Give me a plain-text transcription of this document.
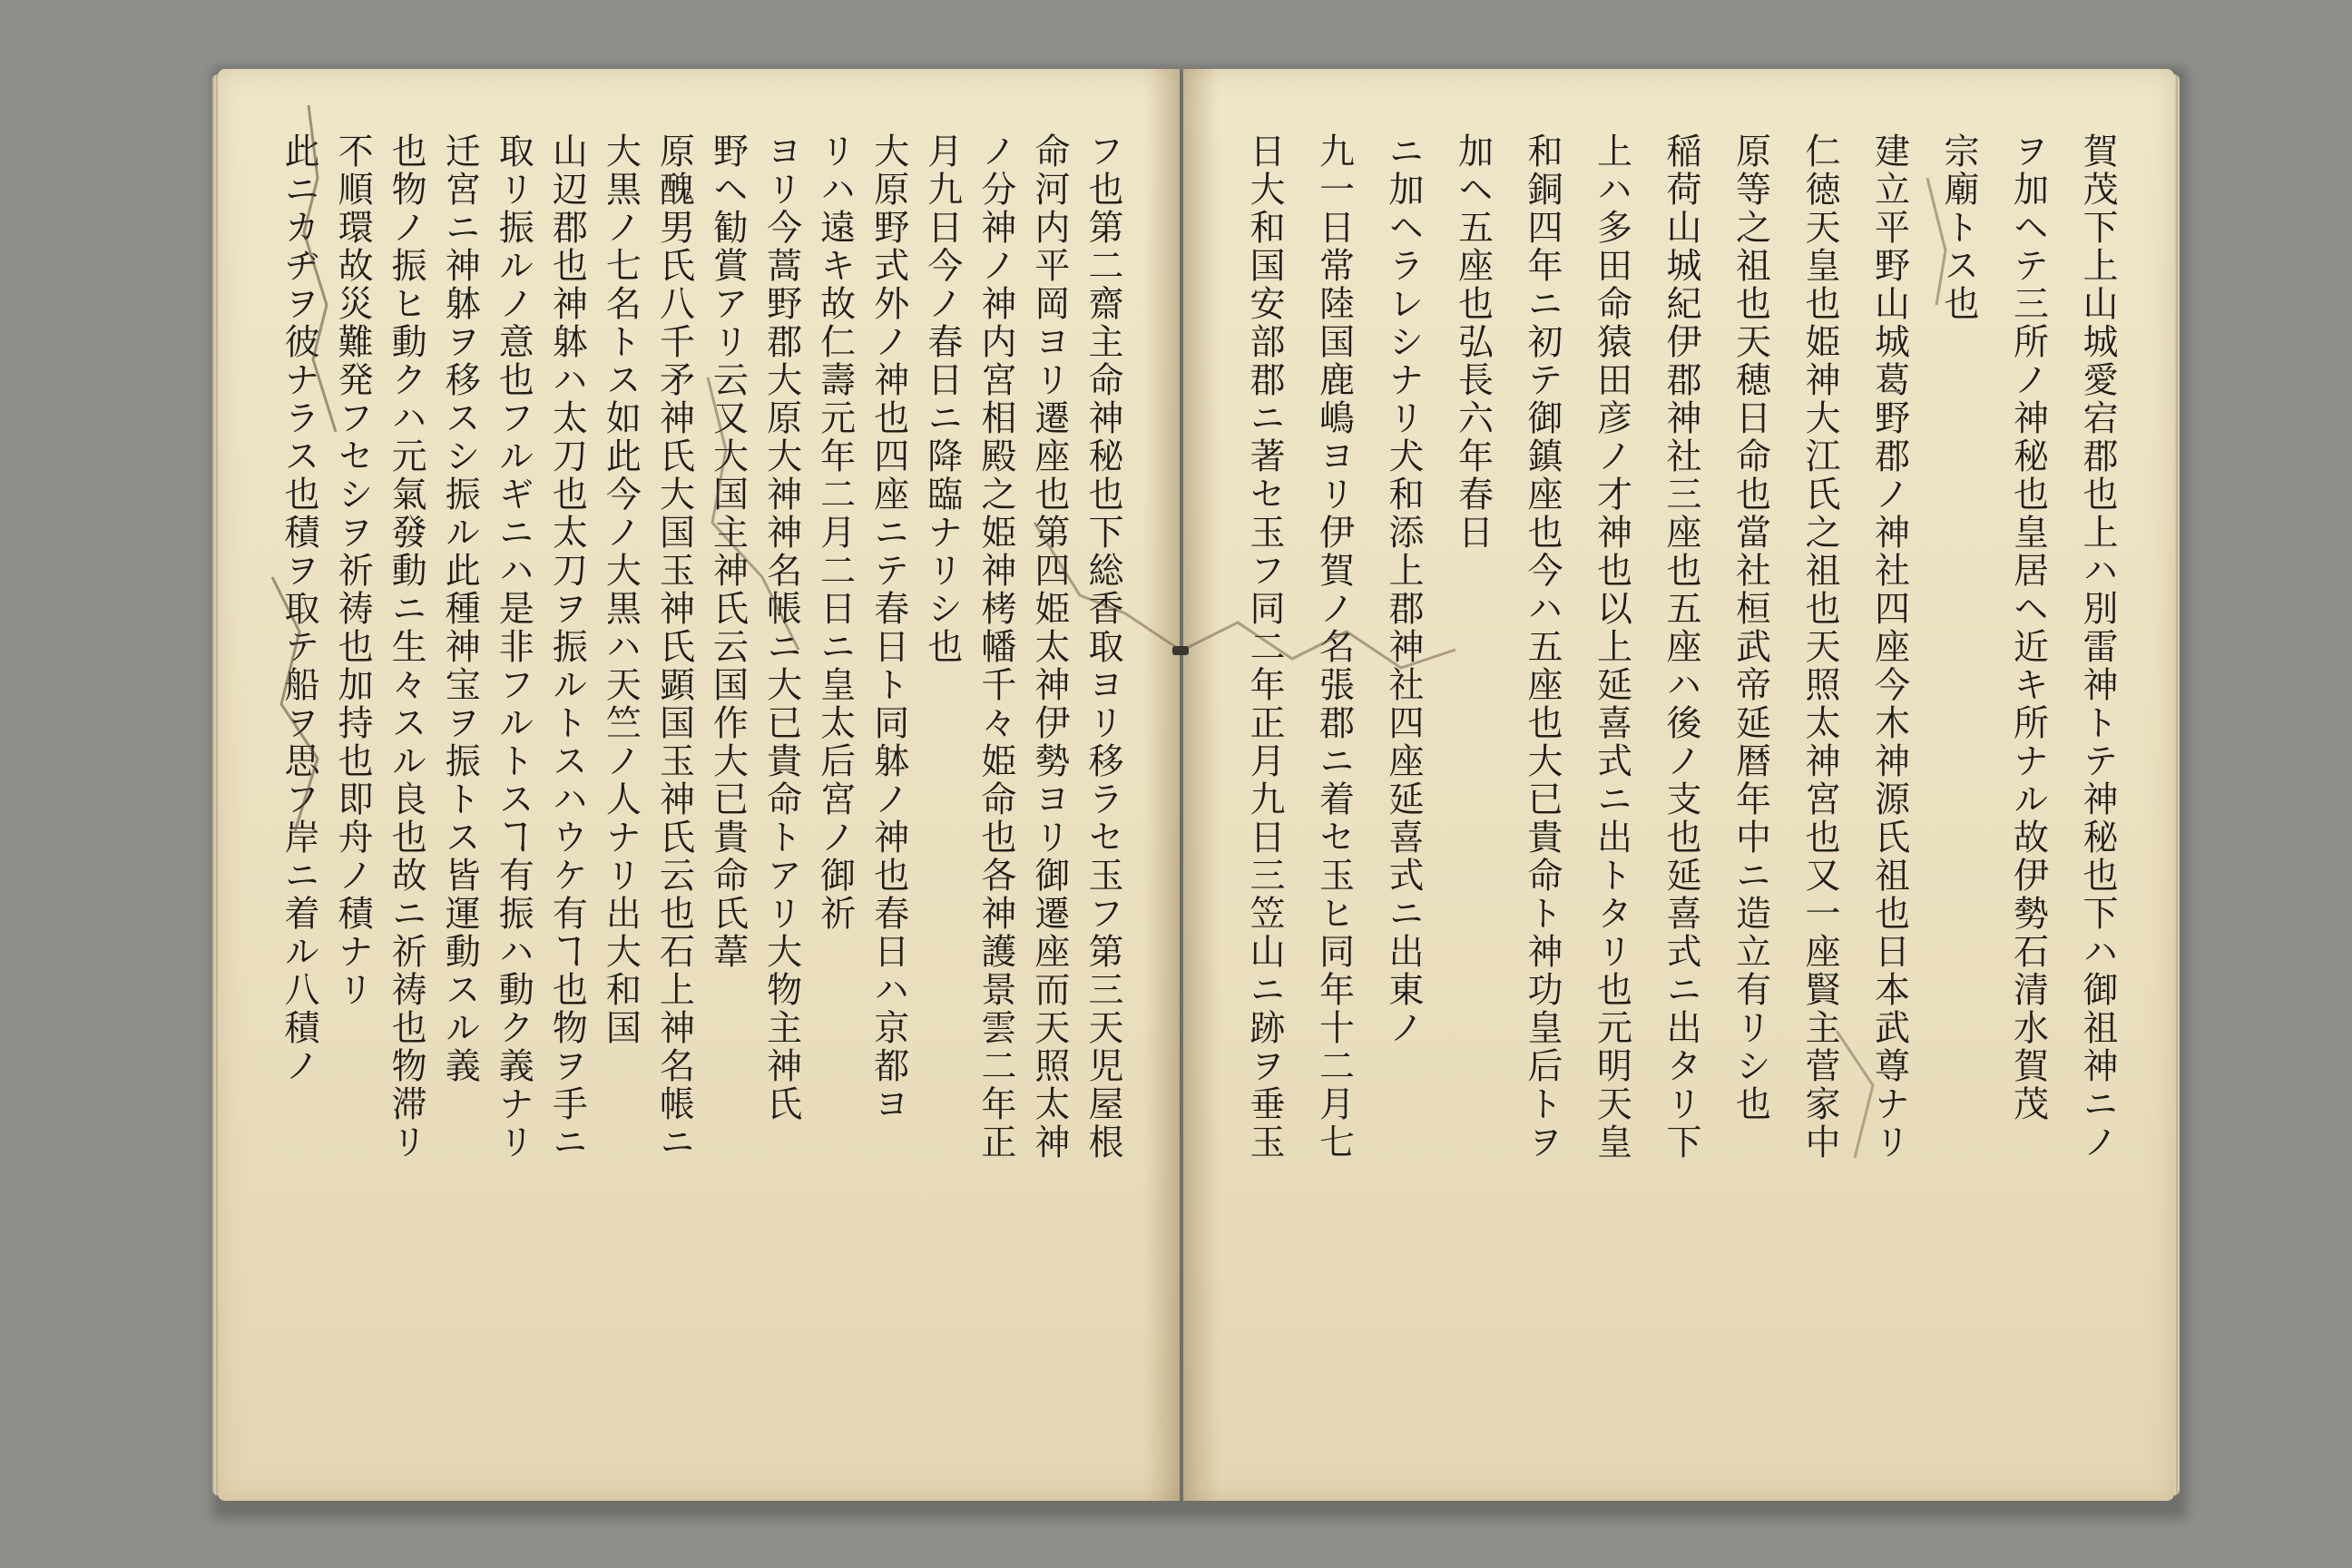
フ也第二齋主命神秘也下総香取ヨリ移ラセ玉フ第三天児屋根
命河内平岡ヨリ遷座也第四姫太神伊勢ヨリ御遷座而天照太神
ノ分神ノ神内宮相殿之姫神栲幡千々姫命也各神護景雲二年正
月九日今ノ春日ニ降臨ナリシ也
大原野式外ノ神也四座ニテ春日ト同躰ノ神也春日ハ京都ヨ
リハ遠キ故仁壽元年二月二日ニ皇太后宮ノ御祈
ヨリ今蒿野郡大原大神神名帳ニ大已貴命トアリ大物主神氏
野ヘ勧賞アリ云又大国主神氏云国作大已貴命氏葦
原醜男氏八千矛神氏大国玉神氏顕国玉神氏云也石上神名帳ニ
大黒ノ七名トス如此今ノ大黒ハ天竺ノ人ナリ出大和国
山辺郡也神躰ハ太刀也太刀ヲ振ルトスハウケ有ヿ也物ヲ手ニ
取リ振ルノ意也フルギニハ是非フルトスヿ有振ハ動ク義ナリ
迁宮ニ神躰ヲ移スシ振ル此種神宝ヲ振トス皆運動スル義
也物ノ振ヒ動クハ元氣發動ニ生々スル良也故ニ祈祷也物滞リ
不順環故災難発フセシヲ祈祷也加持也即舟ノ積ナリ
此ニカヂヲ彼ナラス也積ヲ取テ船ヲ思フ岸ニ着ル八積ノ	賀茂下上山城愛宕郡也上ハ別雷神トテ神秘也下ハ御祖神ニノ
ヲ加ヘテ三所ノ神秘也皇居ヘ近キ所ナル故伊勢石清水賀茂
宗廟トス也
建立平野山城葛野郡ノ神社四座今木神源氏祖也日本武尊ナリ
仁徳天皇也姫神大江氏之祖也天照太神宮也又一座賢主菅家中
原等之祖也天穂日命也當社桓武帝延暦年中ニ造立有リシ也
稲荷山城紀伊郡神社三座也五座ハ後ノ支也延喜式ニ出タリ下
上ハ多田命猿田彦ノ才神也以上延喜式ニ出トタリ也元明天皇
和銅四年ニ初テ御鎮座也今ハ五座也大已貴命ト神功皇后トヲ
加ヘ五座也弘長六年春日
ニ加ヘラレシナリ犬和添上郡神社四座延喜式ニ出東ノ
九一日常陸国鹿嶋ヨリ伊賀ノ名張郡ニ着セ玉ヒ同年十二月七
日大和国安部郡ニ著セ玉フ同二年正月九日三笠山ニ跡ヲ垂玉
